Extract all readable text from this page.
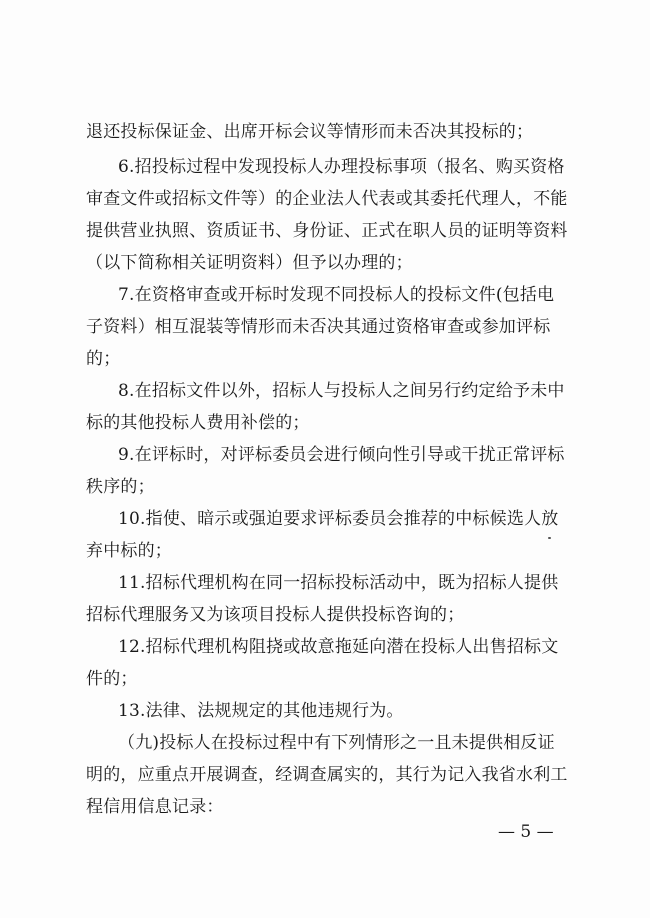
退还投标保证金、出席开标会议等情形而未否决其投标的；
6.招投标过程中发现投标人办理投标事项（报名、购买资格
审查文件或招标文件等）的企业法人代表或其委托代理人，不能
提供营业执照、资质证书、身份证、正式在职人员的证明等资料
（以下简称相关证明资料）但予以办理的；
7.在资格审查或开标时发现不同投标人的投标文件(包括电
子资料）相互混装等情形而未否决其通过资格审查或参加评标
的；
8.在招标文件以外，招标人与投标人之间另行约定给予未中
标的其他投标人费用补偿的；
9.在评标时，对评标委员会进行倾向性引导或干扰正常评标
秩序的；
10.指使、暗示或强迫要求评标委员会推荐的中标候选人放
弃中标的；
11.招标代理机构在同一招标投标活动中，既为招标人提供
招标代理服务又为该项目投标人提供投标咨询的；
12.招标代理机构阻挠或故意拖延向潜在投标人出售招标文
件的；
13.法律、法规规定的其他违规行为。
（九)投标人在投标过程中有下列情形之一且未提供相反证
明的，应重点开展调查，经调查属实的，其行为记入我省水利工
程信用信息记录：
— 5 —
